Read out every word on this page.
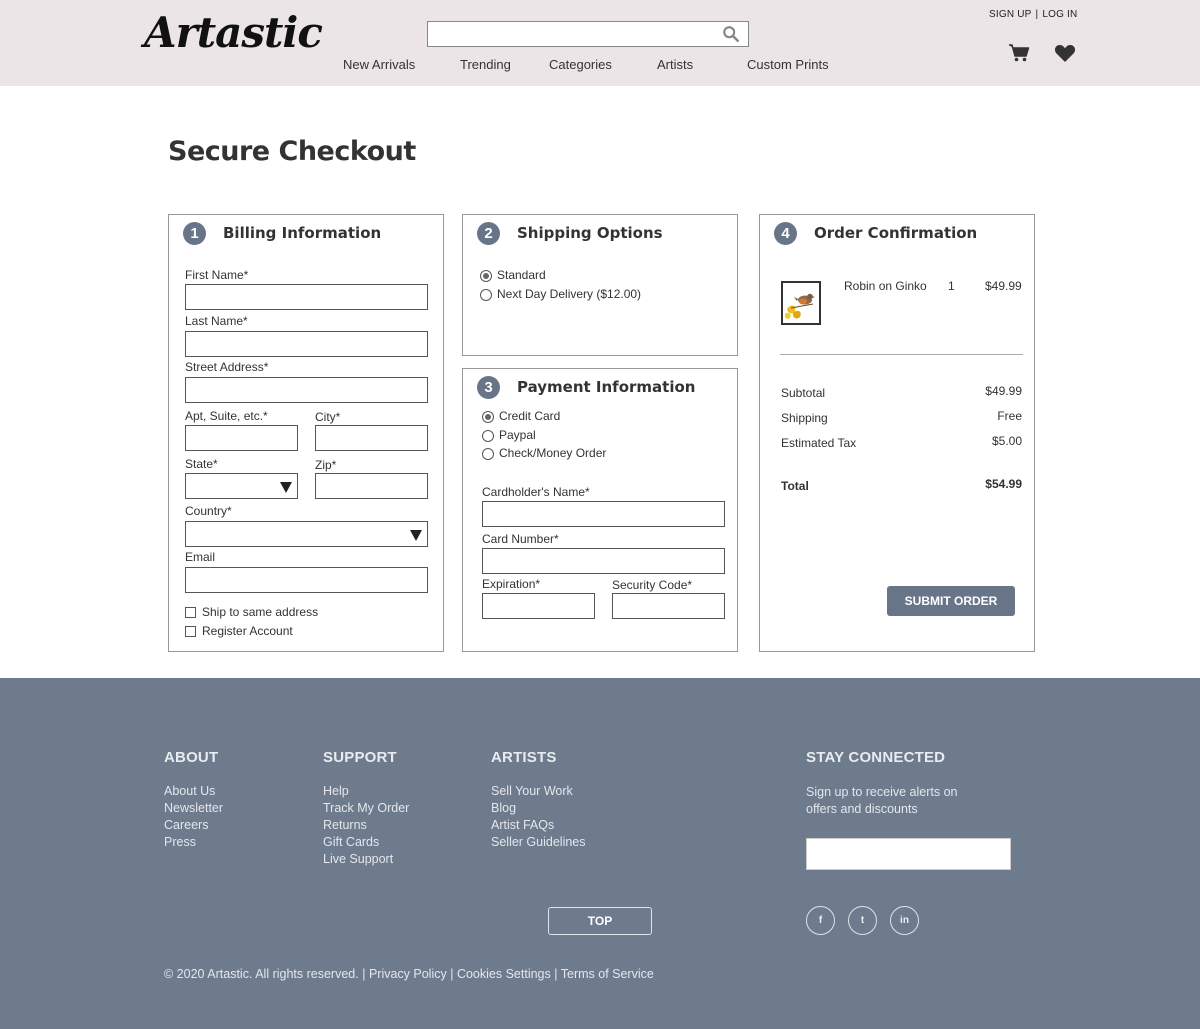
Artastic
New Arrivals	Trending	Categories	Artists	Custom Prints
SIGN UP | LOG IN
Secure Checkout
1	Billing Information
First Name*
Last Name*
Street Address*
Apt, Suite, etc.*	City*
State*	Zip*
Country*
Email
Ship to same address
Register Account
2	Shipping Options
Standard
Next Day Delivery ($12.00)
3	Payment Information
Credit Card
Paypal
Check/Money Order
Cardholder's Name*
Card Number*
Expiration*	Security Code*
4	Order Confirmation
Robin on Ginko 1	$49.99
Subtotal	$49.99
Shipping	Free
Estimated Tax	$5.00
Total	$54.99
SUBMIT ORDER
ABOUT
About Us
Newsletter
Careers
Press
SUPPORT
Help
Track My Order
Returns
Gift Cards
Live Support
ARTISTS
Sell Your Work
Blog
Artist FAQs
Seller Guidelines
STAY CONNECTED
Sign up to receive alerts on offers and discounts
TOP	f	t	in
© 2020 Artastic. All rights reserved. | Privacy Policy | Cookies Settings | Terms of Service
